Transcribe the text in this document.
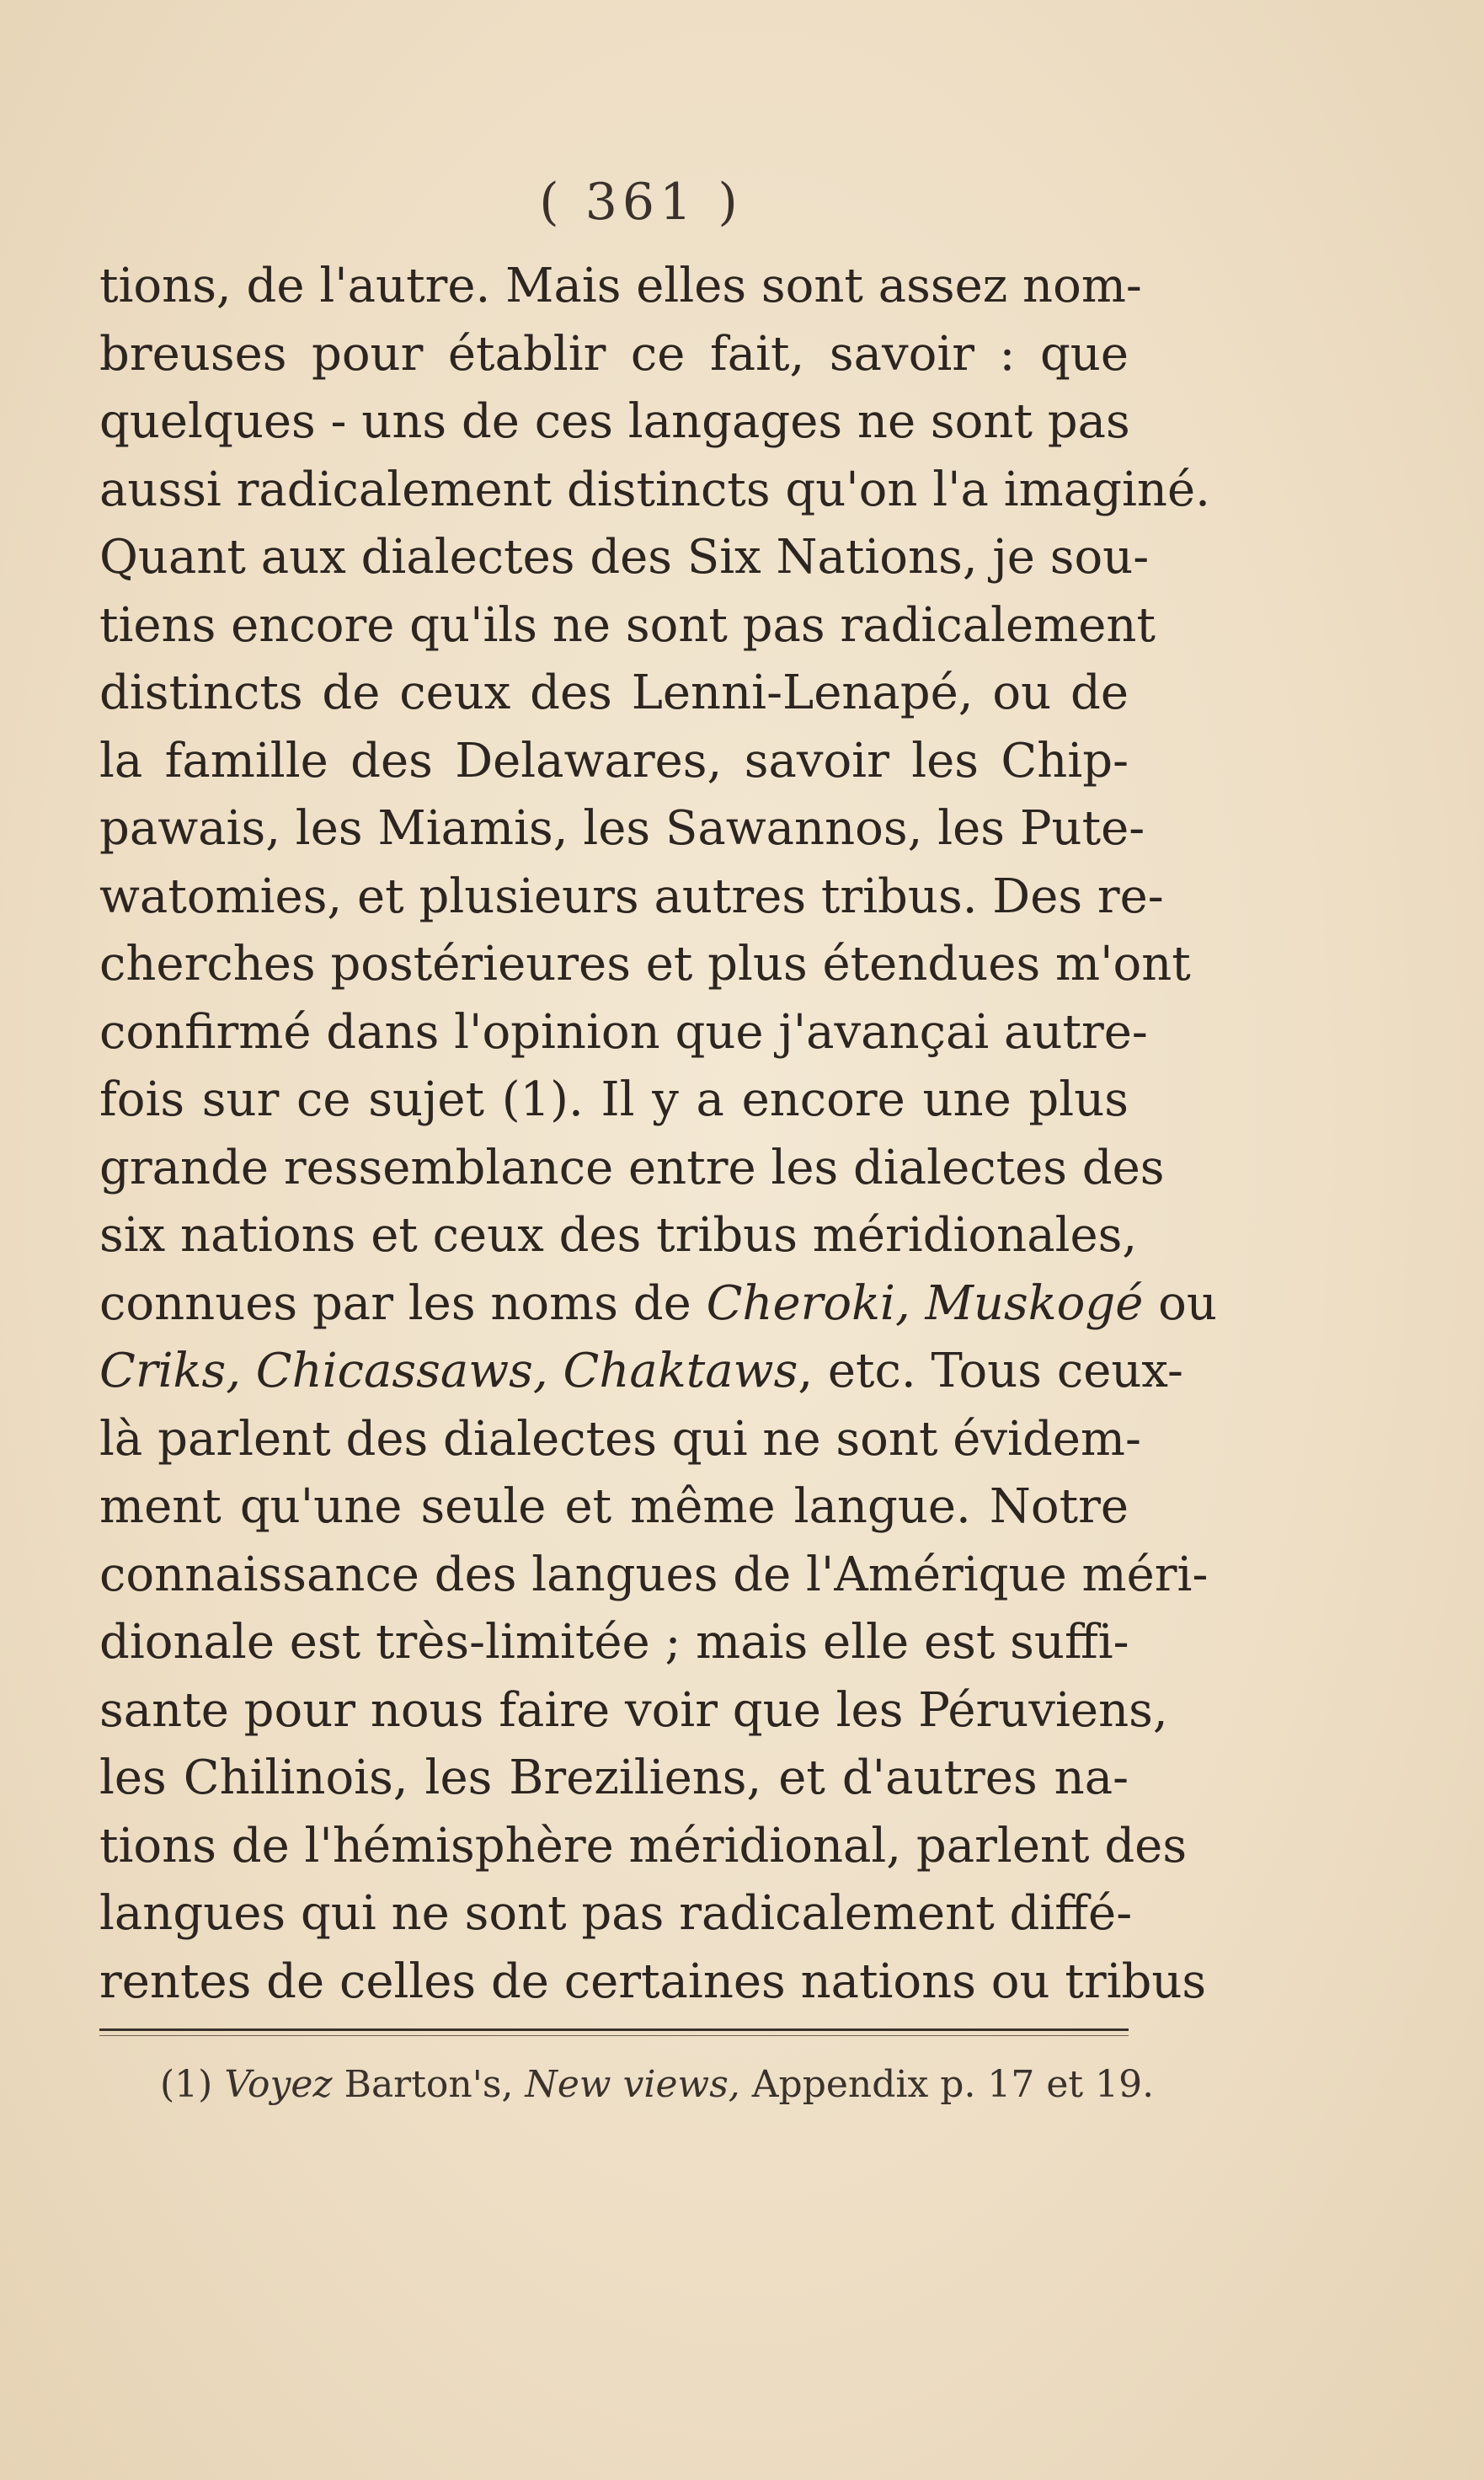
( 361 )
tions, de l'autre. Mais elles sont assez nom-
breuses pour établir ce fait, savoir : que
quelques - uns de ces langages ne sont pas
aussi radicalement distincts qu'on l'a imaginé.
Quant aux dialectes des Six Nations, je sou-
tiens encore qu'ils ne sont pas radicalement
distincts de ceux des Lenni-Lenapé, ou de
la famille des Delawares, savoir les Chip-
pawais, les Miamis, les Sawannos, les Pute-
watomies, et plusieurs autres tribus. Des re-
cherches postérieures et plus étendues m'ont
confirmé dans l'opinion que j'avançai autre-
fois sur ce sujet (1). Il y a encore une plus
grande ressemblance entre les dialectes des
six nations et ceux des tribus méridionales,
connues par les noms de Cheroki, Muskogé ou
Criks, Chicassaws, Chaktaws, etc. Tous ceux-
là parlent des dialectes qui ne sont évidem-
ment qu'une seule et même langue. Notre
connaissance des langues de l'Amérique méri-
dionale est très-limitée ; mais elle est suffi-
sante pour nous faire voir que les Péruviens,
les Chilinois, les Breziliens, et d'autres na-
tions de l'hémisphère méridional, parlent des
langues qui ne sont pas radicalement diffé-
rentes de celles de certaines nations ou tribus
(1) Voyez Barton's, New views, Appendix p. 17 et 19.
